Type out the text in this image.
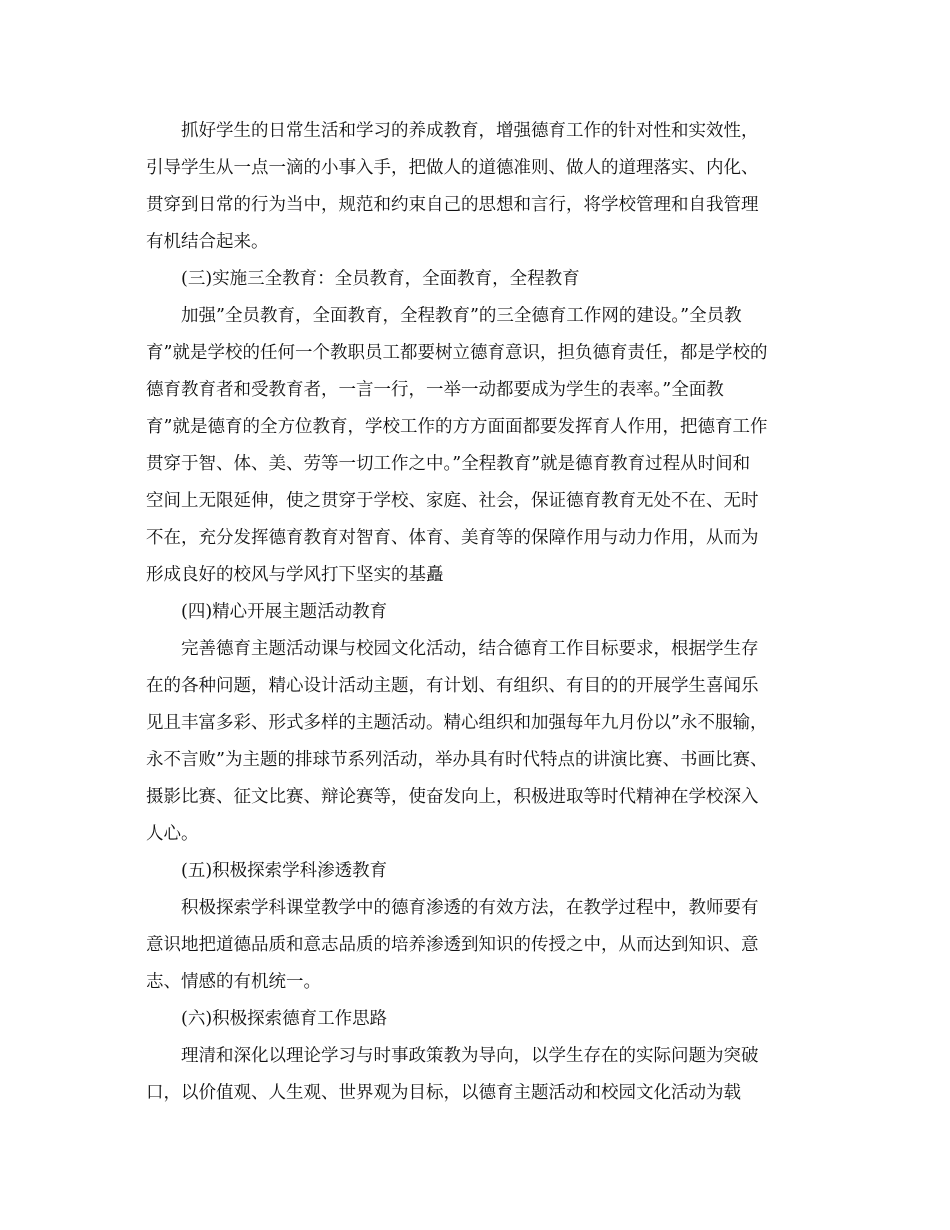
抓好学生的日常生活和学习的养成教育，增强德育工作的针对性和实效性，
引导学生从一点一滴的小事入手，把做人的道德准则、做人的道理落实、内化、
贯穿到日常的行为当中，规范和约束自己的思想和言行，将学校管理和自我管理
有机结合起来。
(三)实施三全教育：全员教育，全面教育，全程教育
加强”全员教育，全面教育，全程教育”的三全德育工作网的建设。”全员教
育”就是学校的任何一个教职员工都要树立德育意识，担负德育责任，都是学校的
德育教育者和受教育者，一言一行，一举一动都要成为学生的表率。”全面教
育”就是德育的全方位教育，学校工作的方方面面都要发挥育人作用，把德育工作
贯穿于智、体、美、劳等一切工作之中。”全程教育”就是德育教育过程从时间和
空间上无限延伸，使之贯穿于学校、家庭、社会，保证德育教育无处不在、无时
不在，充分发挥德育教育对智育、体育、美育等的保障作用与动力作用，从而为
形成良好的校风与学风打下坚实的基矗
(四)精心开展主题活动教育
完善德育主题活动课与校园文化活动，结合德育工作目标要求，根据学生存
在的各种问题，精心设计活动主题，有计划、有组织、有目的的开展学生喜闻乐
见且丰富多彩、形式多样的主题活动。精心组织和加强每年九月份以”永不服输，
永不言败”为主题的排球节系列活动，举办具有时代特点的讲演比赛、书画比赛、
摄影比赛、征文比赛、辩论赛等，使奋发向上，积极进取等时代精神在学校深入
人心。
(五)积极探索学科渗透教育
积极探索学科课堂教学中的德育渗透的有效方法，在教学过程中，教师要有
意识地把道德品质和意志品质的培养渗透到知识的传授之中，从而达到知识、意
志、情感的有机统一。
(六)积极探索德育工作思路
理清和深化以理论学习与时事政策教为导向，以学生存在的实际问题为突破
口，以价值观、人生观、世界观为目标，以德育主题活动和校园文化活动为载
